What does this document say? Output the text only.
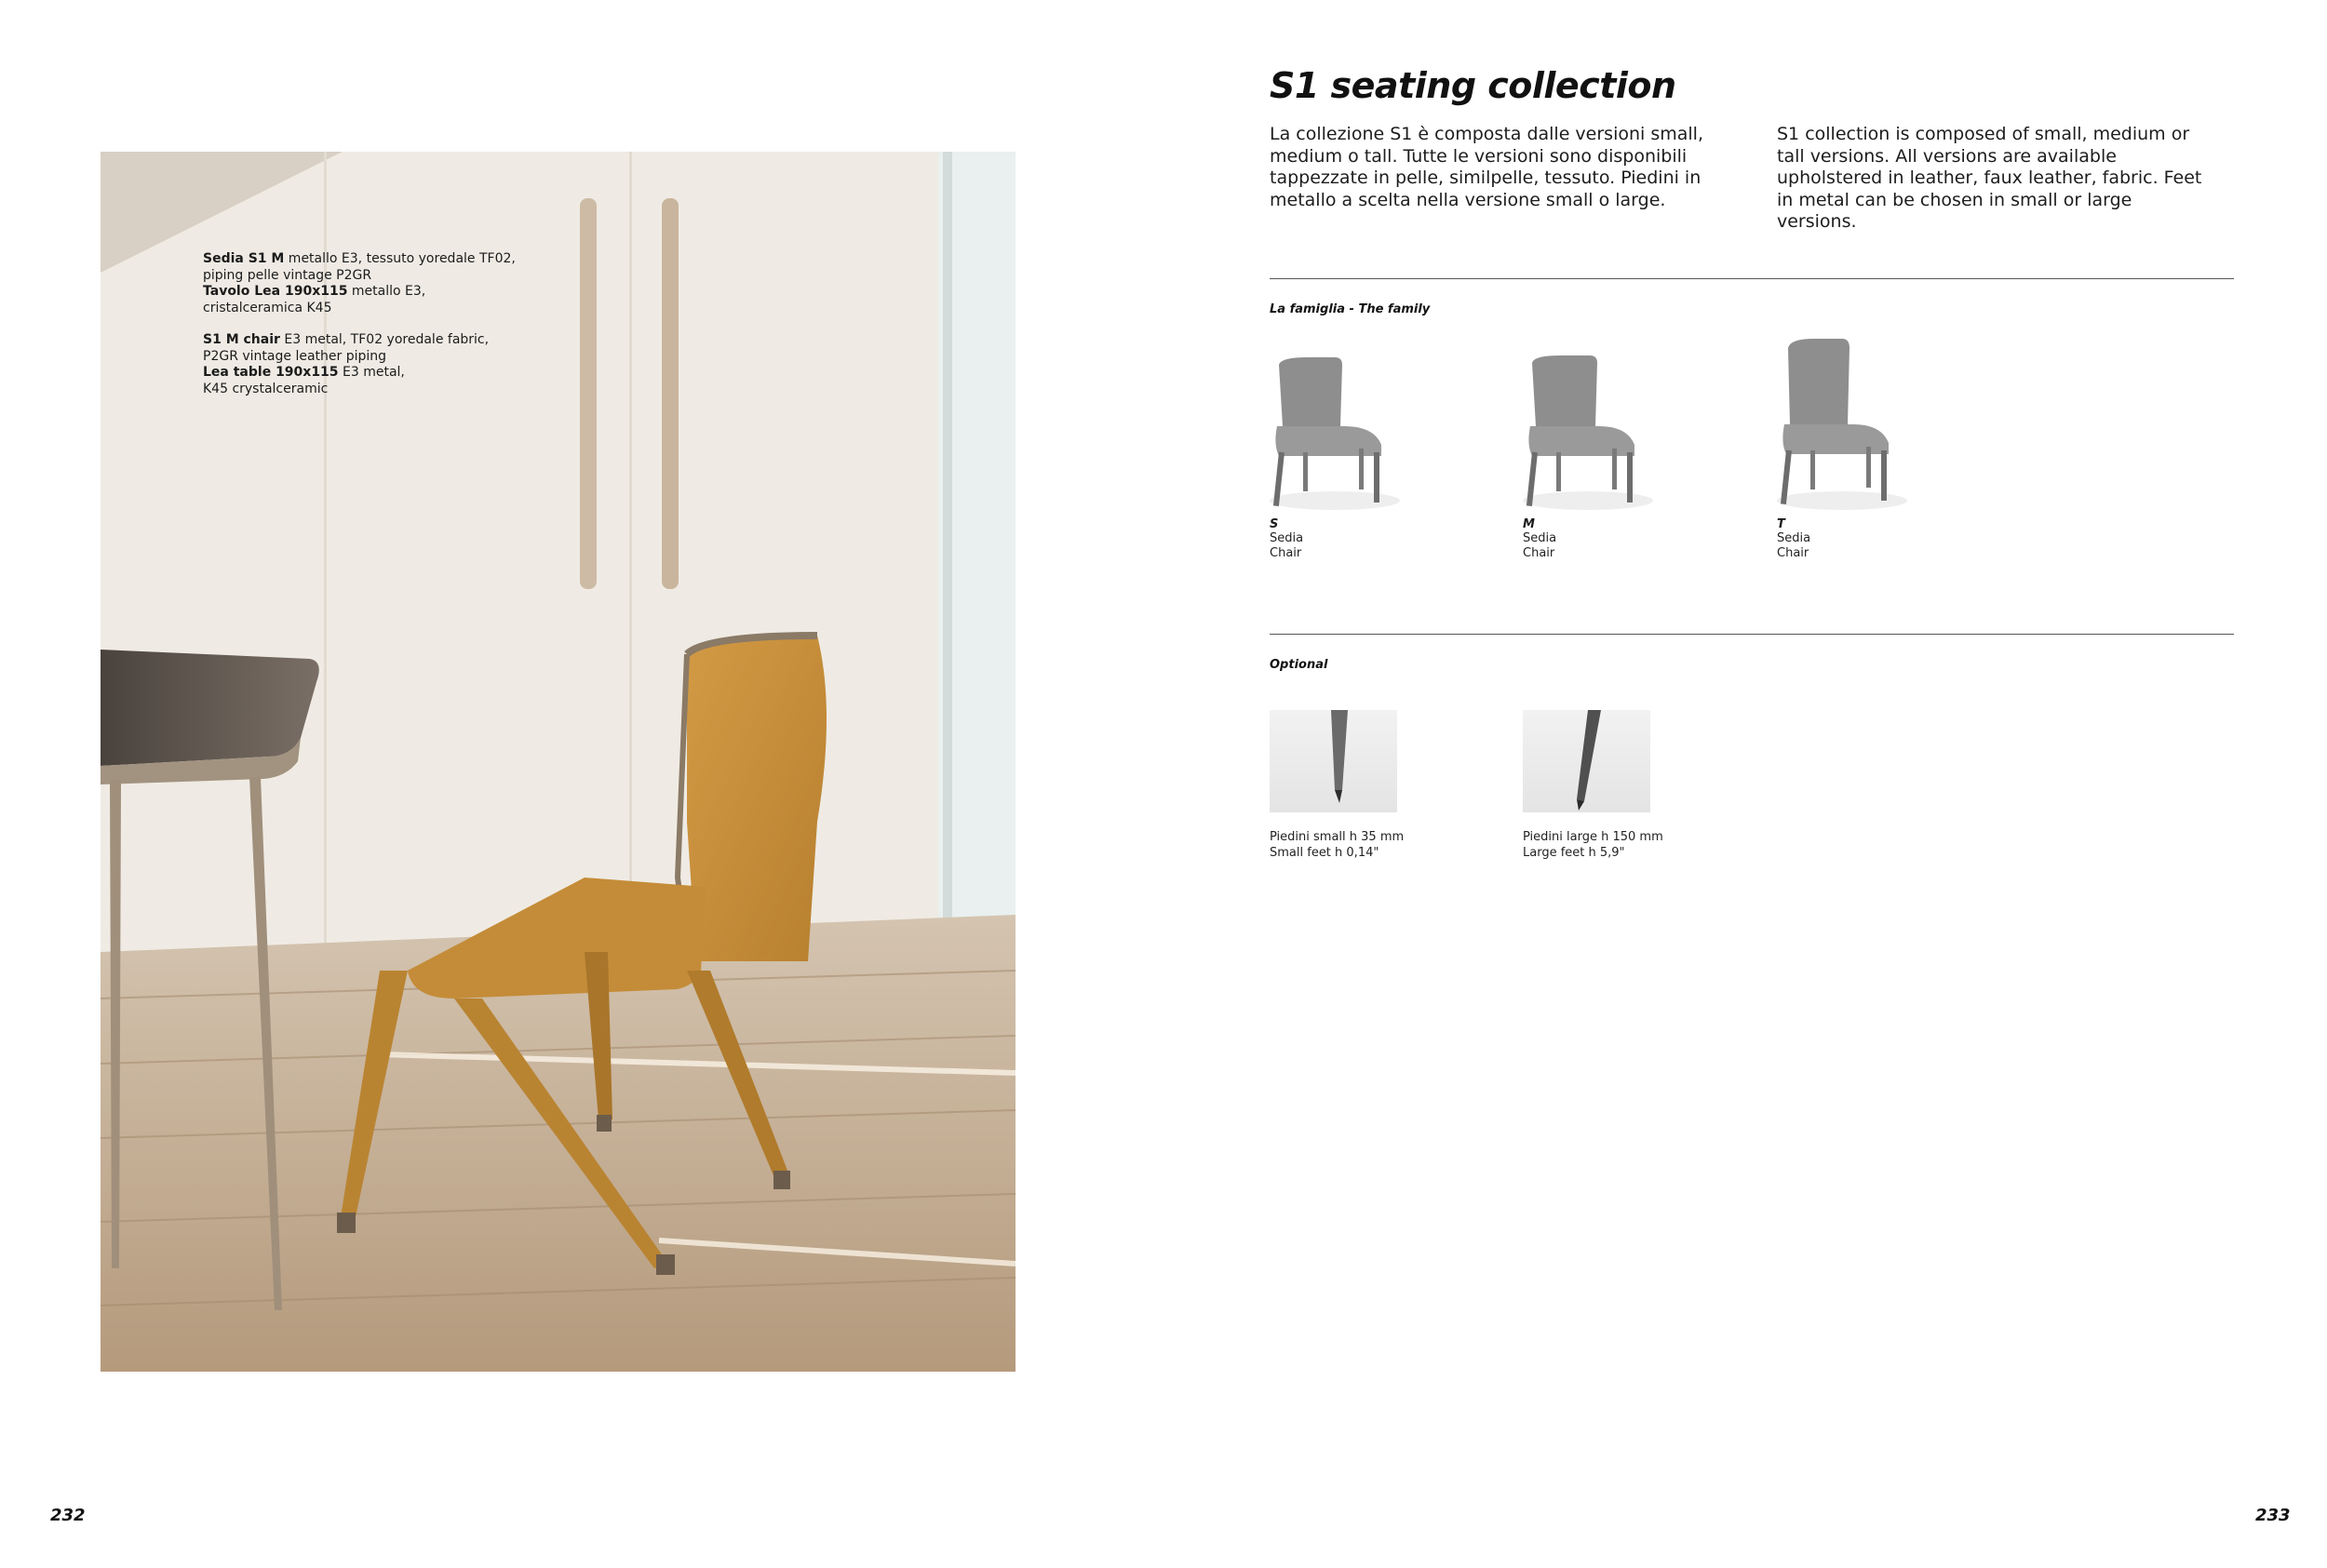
Sedia S1 M metallo E3, tessuto yoredale TF02,
piping pelle vintage P2GR
Tavolo Lea 190x115 metallo E3,
cristalceramica K45
S1 M chair E3 metal, TF02 yoredale fabric,
P2GR vintage leather piping
Lea table 190x115 E3 metal,
K45 crystalceramic
232
S1 seating collection
La collezione S1 è composta dalle versioni small, medium o tall. Tutte le versioni sono disponibili tappezzate in pelle, similpelle, tessuto. Piedini in metallo a scelta nella versione small o large.
S1 collection is composed of small, medium or tall versions. All versions are available upholstered in leather, faux leather, fabric. Feet in metal can be chosen in small or large versions.
La famiglia - The family
S
Sedia
Chair
M
Sedia
Chair
T
Sedia
Chair
Optional
Piedini small h 35 mm
Small feet h 0,14"
Piedini large h 150 mm
Large feet h 5,9"
233
